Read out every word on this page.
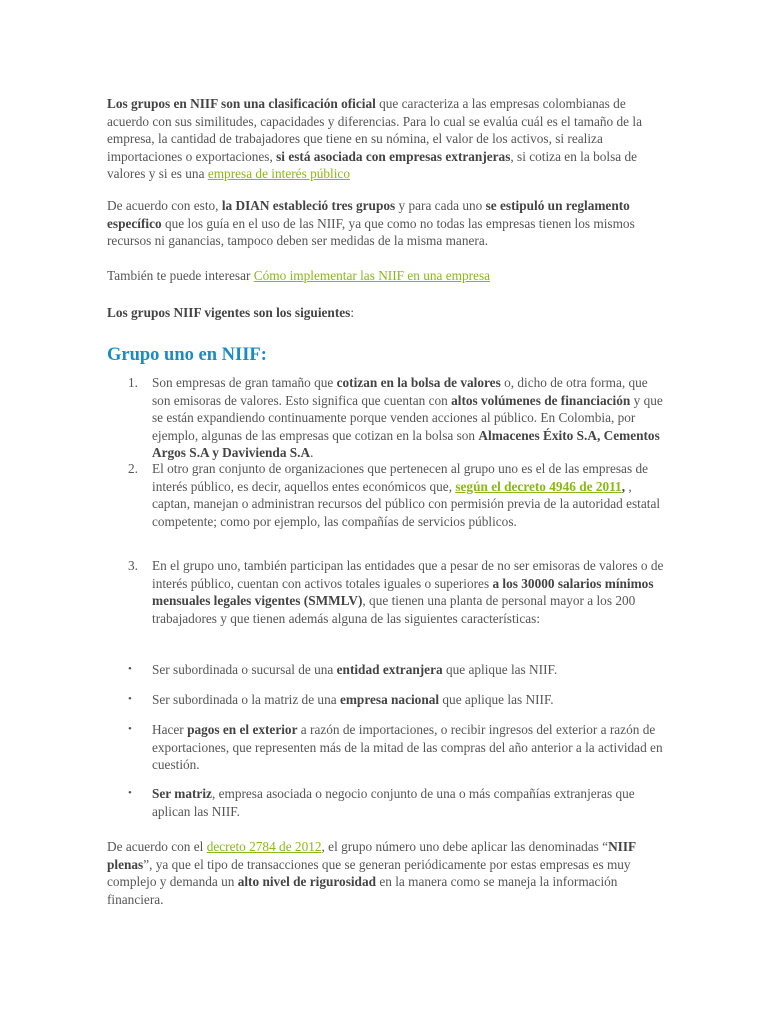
Los grupos en NIIF son una clasificación oficial que caracteriza a las empresas colombianas de acuerdo con sus similitudes, capacidades y diferencias. Para lo cual se evalúa cuál es el tamaño de la empresa, la cantidad de trabajadores que tiene en su nómina, el valor de los activos, si realiza importaciones o exportaciones, si está asociada con empresas extranjeras, si cotiza en la bolsa de valores y si es una empresa de interés público

De acuerdo con esto, la DIAN estableció tres grupos y para cada uno se estipuló un reglamento específico que los guía en el uso de las NIIF, ya que como no todas las empresas tienen los mismos recursos ni ganancias, tampoco deben ser medidas de la misma manera.

También te puede interesar Cómo implementar las NIIF en una empresa

Los grupos NIIF vigentes son los siguientes:

Grupo uno en NIIF:

1. Son empresas de gran tamaño que cotizan en la bolsa de valores o, dicho de otra forma, que son emisoras de valores. Esto significa que cuentan con altos volúmenes de financiación y que se están expandiendo continuamente porque venden acciones al público. En Colombia, por ejemplo, algunas de las empresas que cotizan en la bolsa son Almacenes Éxito S.A, Cementos Argos S.A y Davivienda S.A.

2. El otro gran conjunto de organizaciones que pertenecen al grupo uno es el de las empresas de interés público, es decir, aquellos entes económicos que, según el decreto 4946 de 2011, , captan, manejan o administran recursos del público con permisión previa de la autoridad estatal competente; como por ejemplo, las compañías de servicios públicos.

3. En el grupo uno, también participan las entidades que a pesar de no ser emisoras de valores o de interés público, cuentan con activos totales iguales o superiores a los 30000 salarios mínimos mensuales legales vigentes (SMMLV), que tienen una planta de personal mayor a los 200 trabajadores y que tienen además alguna de las siguientes características:

• Ser subordinada o sucursal de una entidad extranjera que aplique las NIIF.

• Ser subordinada o la matriz de una empresa nacional que aplique las NIIF.

• Hacer pagos en el exterior a razón de importaciones, o recibir ingresos del exterior a razón de exportaciones, que representen más de la mitad de las compras del año anterior a la actividad en cuestión.

• Ser matriz, empresa asociada o negocio conjunto de una o más compañías extranjeras que aplican las NIIF.

De acuerdo con el decreto 2784 de 2012, el grupo número uno debe aplicar las denominadas “NIIF plenas”, ya que el tipo de transacciones que se generan periódicamente por estas empresas es muy complejo y demanda un alto nivel de rigurosidad en la manera como se maneja la información financiera.
